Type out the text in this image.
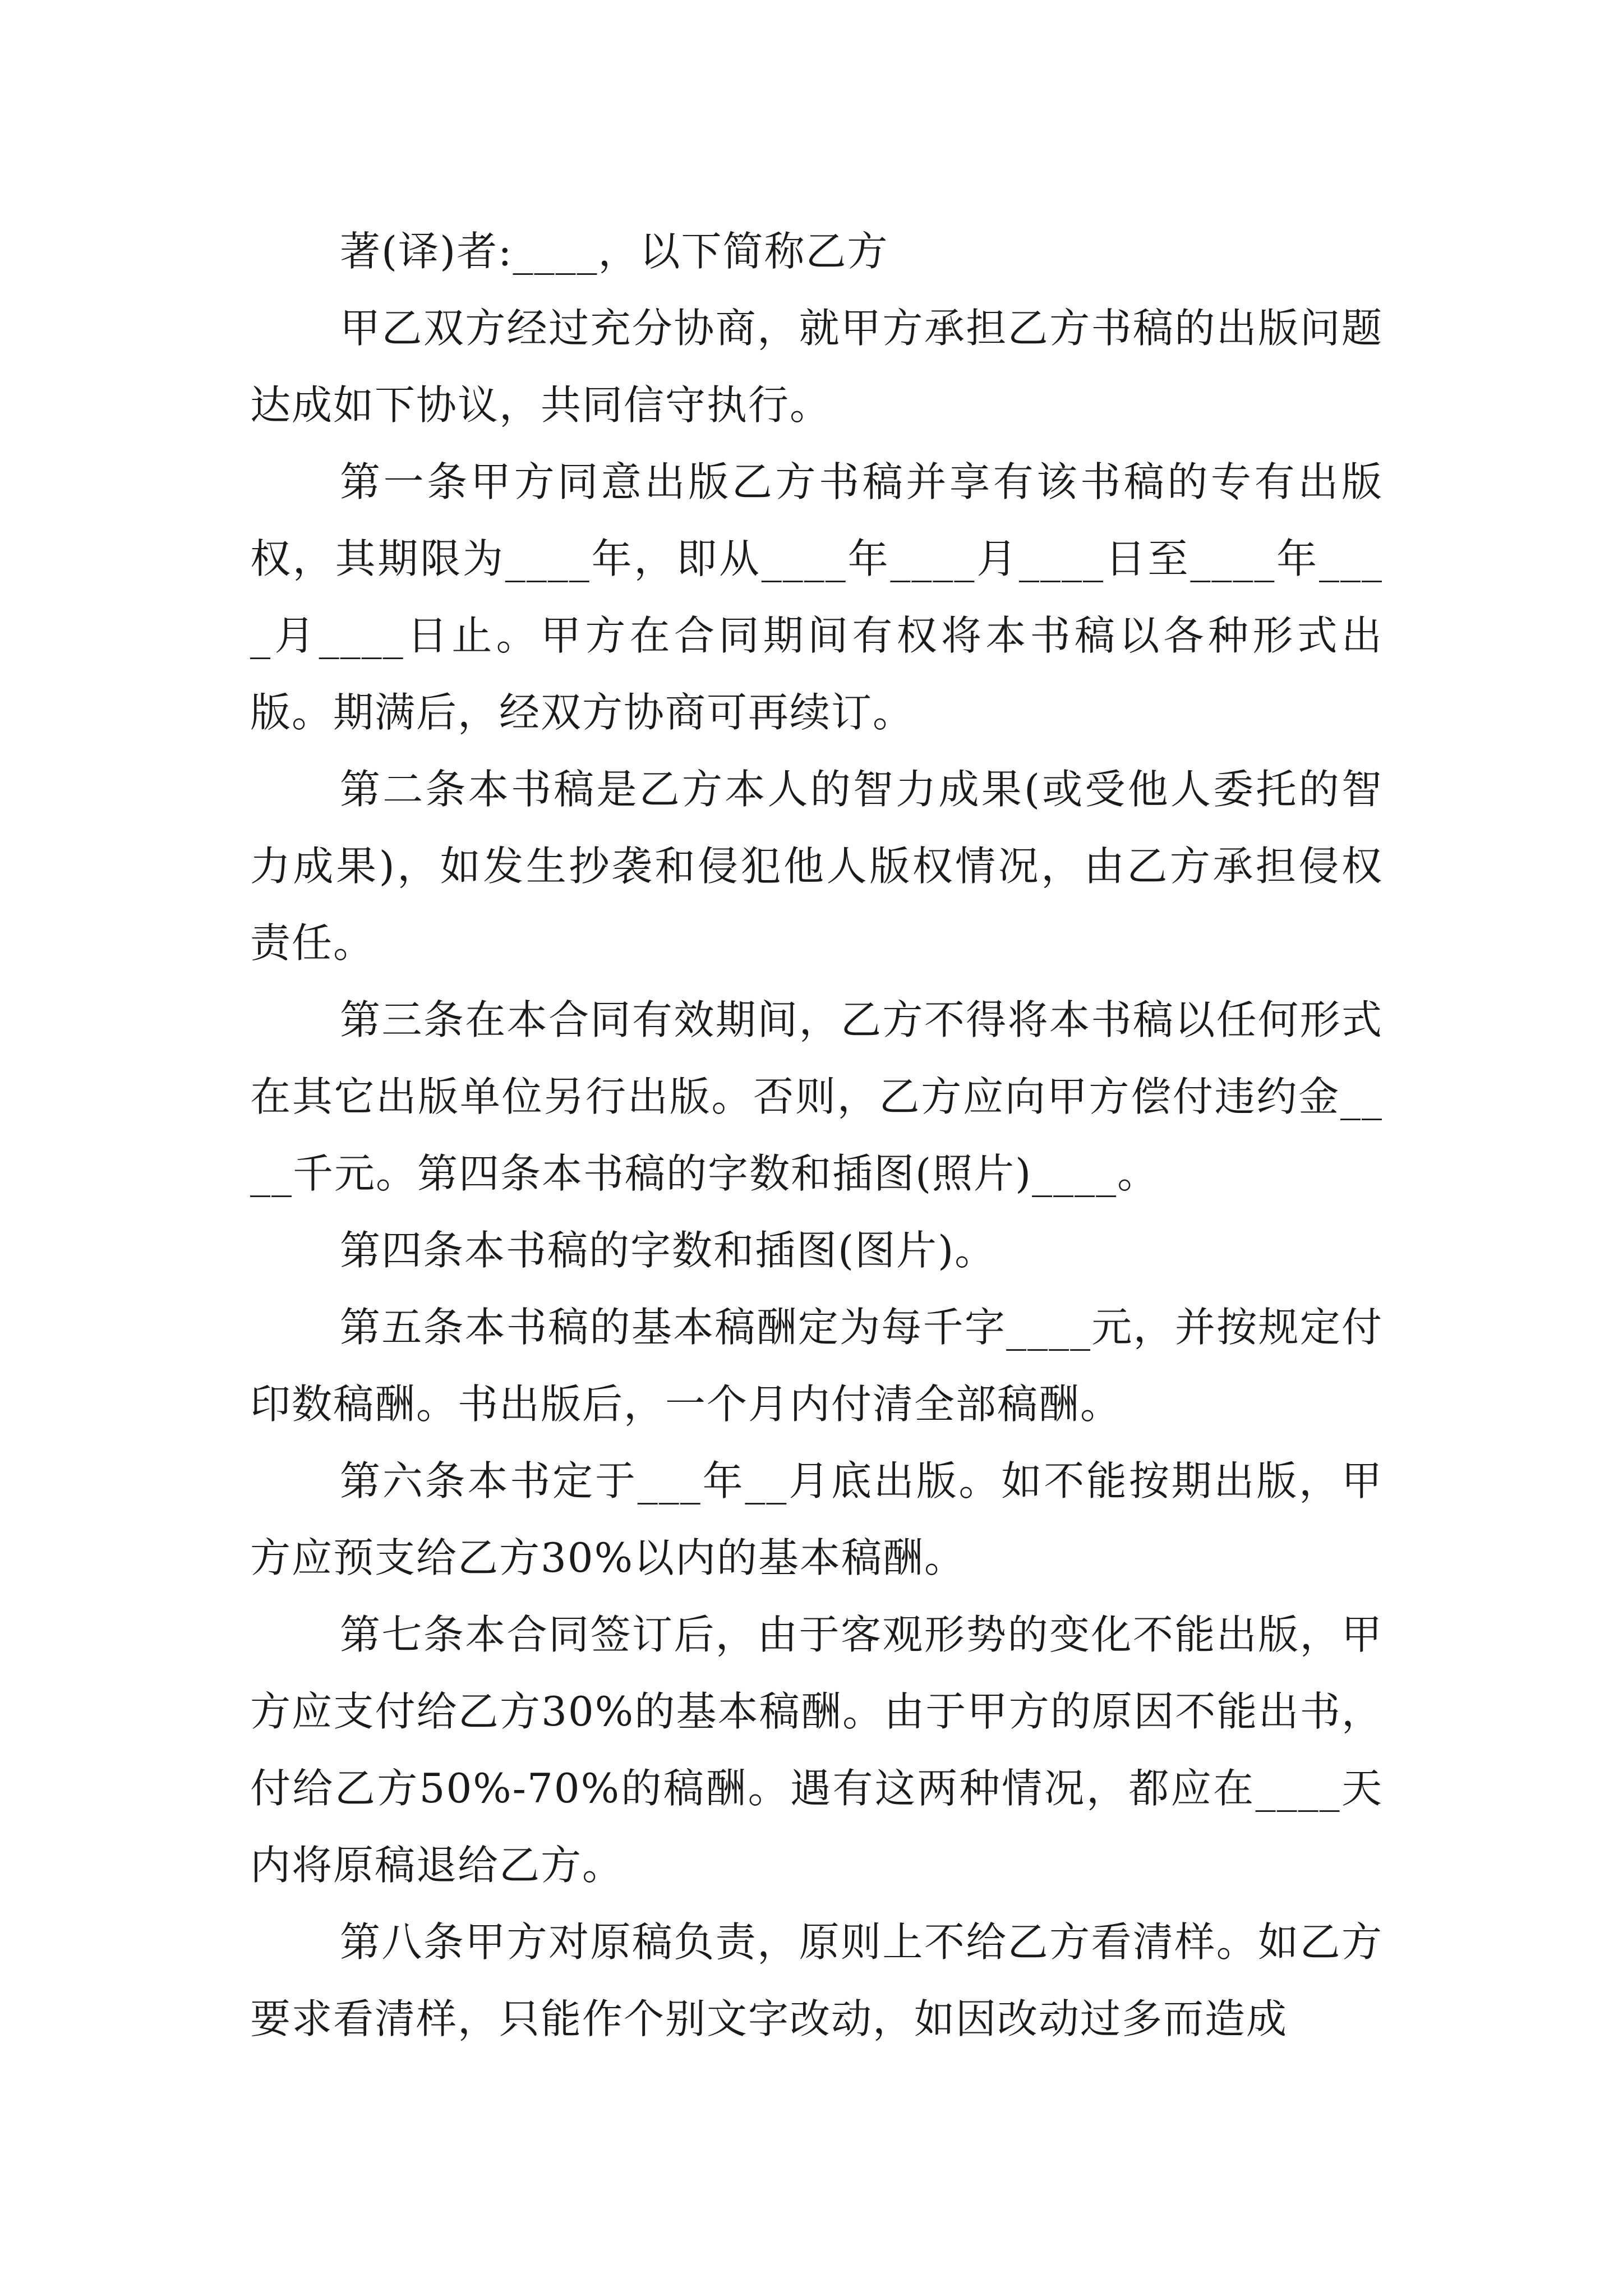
著(译)者:____，以下简称乙方

甲乙双方经过充分协商，就甲方承担乙方书稿的出版问题达成如下协议，共同信守执行。

第一条甲方同意出版乙方书稿并享有该书稿的专有出版权，其期限为____年，即从____年____月____日至____年____月____日止。甲方在合同期间有权将本书稿以各种形式出版。期满后，经双方协商可再续订。

第二条本书稿是乙方本人的智力成果(或受他人委托的智力成果)，如发生抄袭和侵犯他人版权情况，由乙方承担侵权责任。

第三条在本合同有效期间，乙方不得将本书稿以任何形式在其它出版单位另行出版。否则，乙方应向甲方偿付违约金____千元。第四条本书稿的字数和插图(照片)____。

第四条本书稿的字数和插图(图片)。

第五条本书稿的基本稿酬定为每千字____元，并按规定付印数稿酬。书出版后，一个月内付清全部稿酬。

第六条本书定于___年__月底出版。如不能按期出版，甲方应预支给乙方30%以内的基本稿酬。

第七条本合同签订后，由于客观形势的变化不能出版，甲方应支付给乙方30%的基本稿酬。由于甲方的原因不能出书，付给乙方50%-70%的稿酬。遇有这两种情况，都应在____天内将原稿退给乙方。

第八条甲方对原稿负责，原则上不给乙方看清样。如乙方要求看清样，只能作个别文字改动，如因改动过多而造成
